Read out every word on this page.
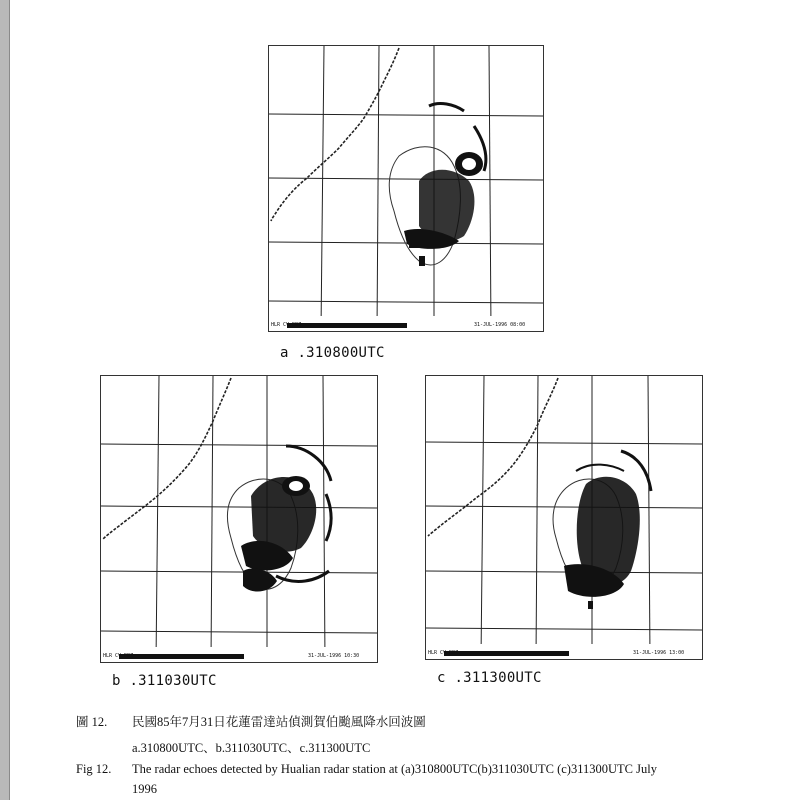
HLR CV DBZ	31-JUL-1996 08:00
a .310800UTC
HLR CV DBZ	31-JUL-1996 10:30
b .311030UTC
HLR CV DBZ	31-JUL-1996 13:00
c .311300UTC
圖 12. 民國85年7月31日花蓮雷達站偵測賀伯颱風降水回波圖
a.310800UTC、b.311030UTC、c.311300UTC
Fig 12. The radar echoes detected by Hualian radar station at (a)310800UTC(b)311030UTC (c)311300UTC July
1996
